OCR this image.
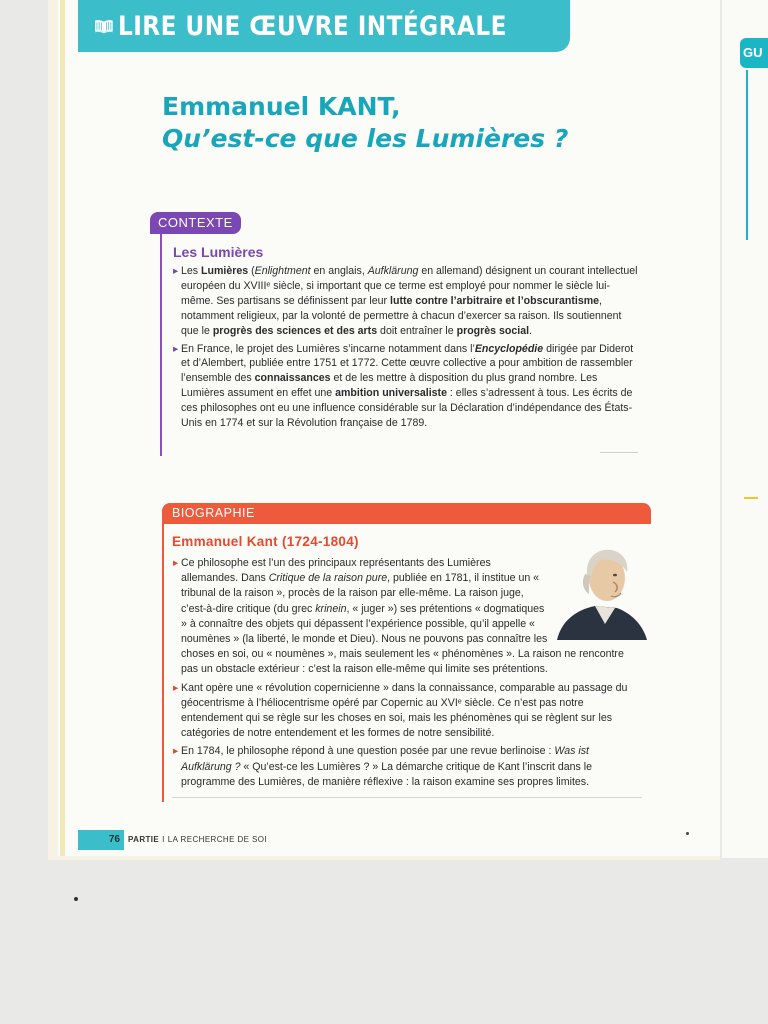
GU
LIRE UNE ŒUVRE INTÉGRALE
Emmanuel KANT,
Qu’est-ce que les Lumières ?
CONTEXTE
Les Lumières

▸ Les Lumières (Enlightment en anglais, Aufklärung en allemand) désignent un courant intellectuel européen du XVIIIᵉ siècle, si important que ce terme est employé pour nommer le siècle lui-même. Ses partisans se définissent par leur lutte contre l’arbitraire et l’obscurantisme, notamment religieux, par la volonté de permettre à chacun d’exercer sa raison. Ils soutiennent que le progrès des sciences et des arts doit entraîner le progrès social.

▸ En France, le projet des Lumières s’incarne notamment dans l’Encyclopédie dirigée par Diderot et d’Alembert, publiée entre 1751 et 1772. Cette œuvre collective a pour ambition de rassembler l’ensemble des connaissances et de les mettre à disposition du plus grand nombre. Les Lumières assument en effet une ambition universaliste : elles s’adressent à tous. Les écrits de ces philosophes ont eu une influence considérable sur la Déclaration d’indépendance des États-Unis en 1774 et sur la Révolution française de 1789.

BIOGRAPHIE
Emmanuel Kant (1724-1804)

▸ Ce philosophe est l’un des principaux représentants des Lumières allemandes. Dans Critique de la raison pure, publiée en 1781, il institue un « tribunal de la raison », procès de la raison par elle-même. La raison juge, c’est-à-dire critique (du grec krinein, « juger ») ses prétentions « dogmatiques » à connaître des objets qui dépassent l’expérience possible, qu’il appelle « noumènes » (la liberté, le monde et Dieu). Nous ne pouvons pas connaître les choses en soi, ou « noumènes », mais seulement les « phénomènes ». La raison ne rencontre pas un obstacle extérieur : c’est la raison elle-même qui limite ses prétentions.

▸ Kant opère une « révolution copernicienne » dans la connaissance, comparable au passage du géocentrisme à l’héliocentrisme opéré par Copernic au XVIᵉ siècle. Ce n’est pas notre entendement qui se règle sur les choses en soi, mais les phénomènes qui se règlent sur les catégories de notre entendement et les formes de notre sensibilité.

▸ En 1784, le philosophe répond à une question posée par une revue berlinoise : Was ist Aufklärung ? « Qu’est-ce les Lumières ? » La démarche critique de Kant l’inscrit dans le programme des Lumières, de manière réflexive : la raison examine ses propres limites.

76	PARTIE I LA RECHERCHE DE SOI
